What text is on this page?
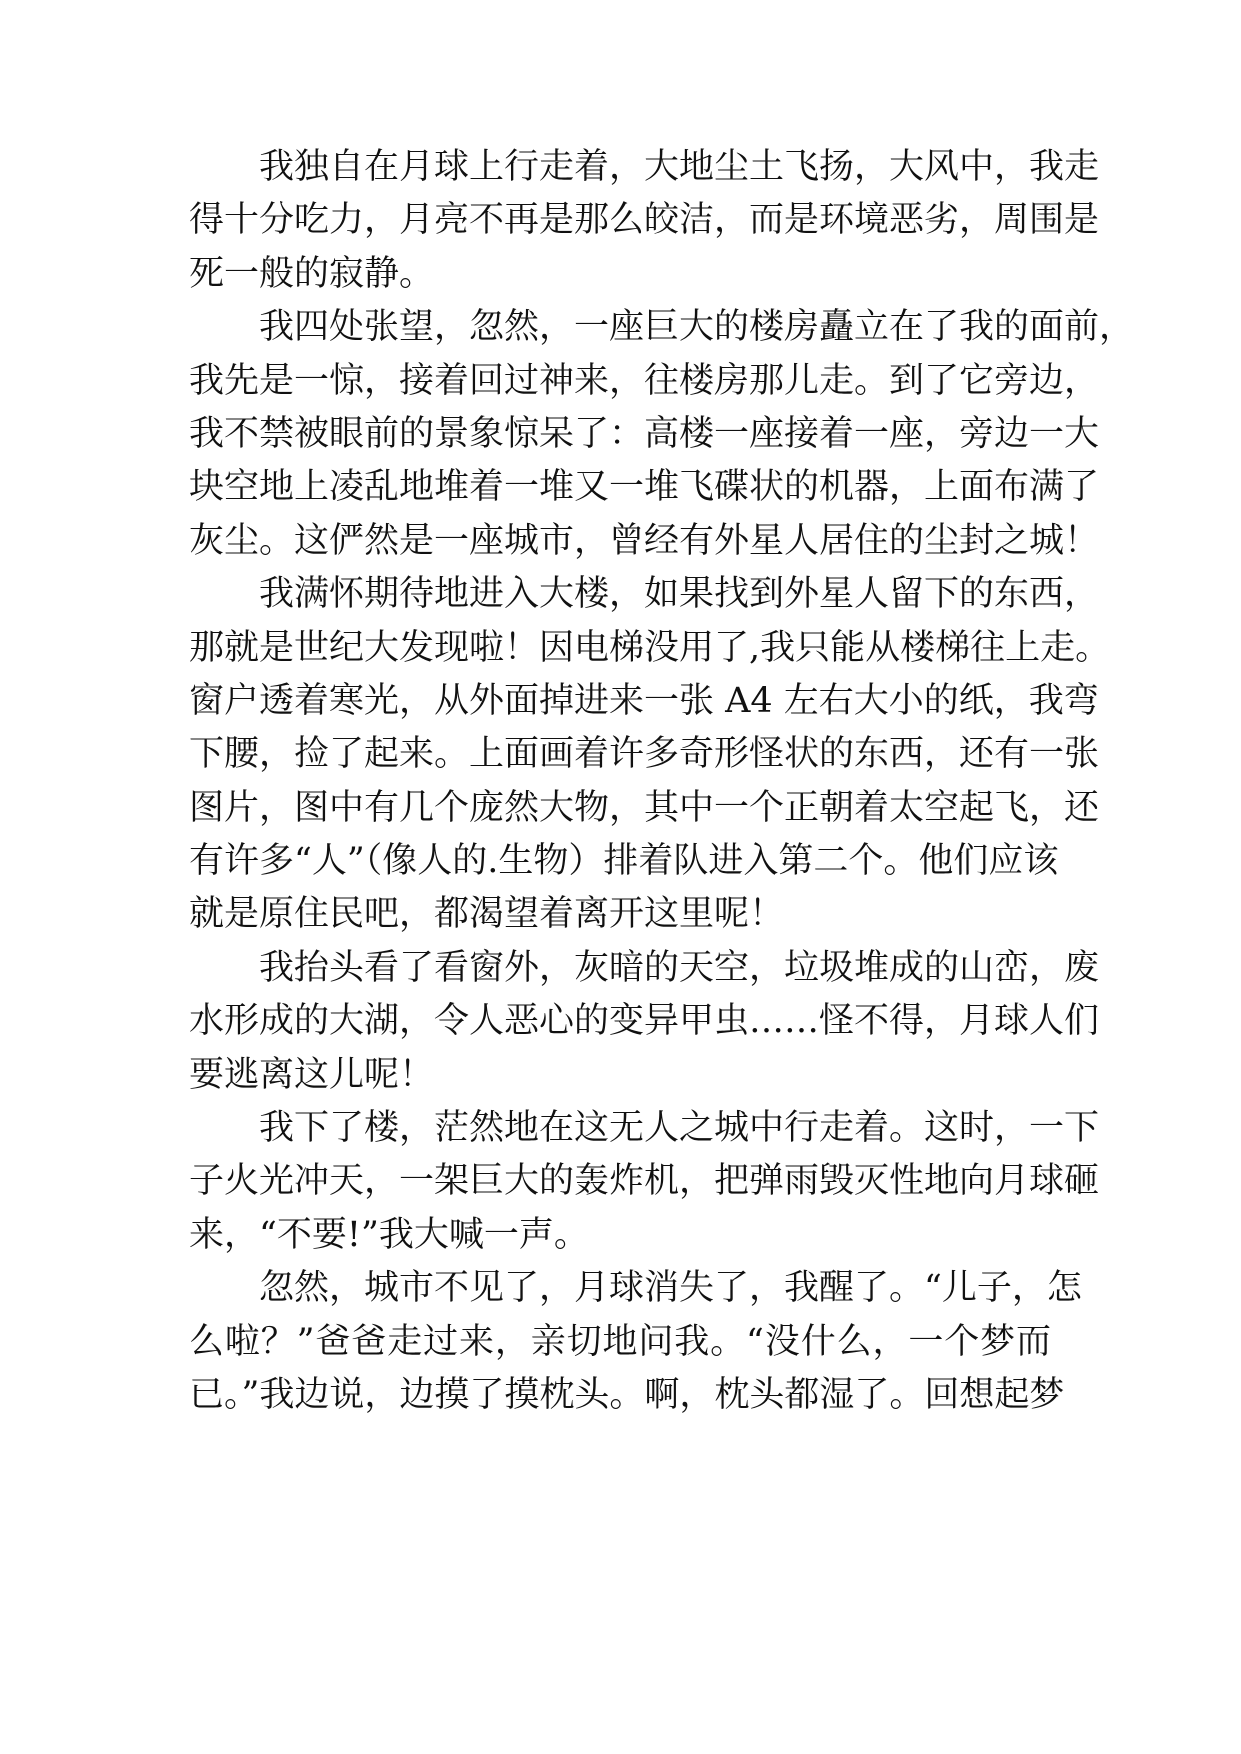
我独自在月球上行走着，大地尘土飞扬，大风中，我走
得十分吃力，月亮不再是那么皎洁，而是环境恶劣，周围是
死一般的寂静。
我四处张望，忽然，一座巨大的楼房矗立在了我的面前，
我先是一惊，接着回过神来，往楼房那儿走。到了它旁边，
我不禁被眼前的景象惊呆了：高楼一座接着一座，旁边一大
块空地上凌乱地堆着一堆又一堆飞碟状的机器，上面布满了
灰尘。这俨然是一座城市，曾经有外星人居住的尘封之城！
我满怀期待地进入大楼，如果找到外星人留下的东西，
那就是世纪大发现啦！因电梯没用了,我只能从楼梯往上走。
窗户透着寒光，从外面掉进来一张 A4 左右大小的纸，我弯
下腰，捡了起来。上面画着许多奇形怪状的东西，还有一张
图片，图中有几个庞然大物，其中一个正朝着太空起飞，还
有许多“人”（像人的.生物）排着队进入第二个。他们应该
就是原住民吧，都渴望着离开这里呢！
我抬头看了看窗外，灰暗的天空，垃圾堆成的山峦，废
水形成的大湖，令人恶心的变异甲虫……怪不得，月球人们
要逃离这儿呢！
我下了楼，茫然地在这无人之城中行走着。这时，一下
子火光冲天，一架巨大的轰炸机，把弹雨毁灭性地向月球砸
来，“不要!”我大喊一声。
忽然，城市不见了，月球消失了，我醒了。“儿子，怎
么啦？”爸爸走过来，亲切地问我。“没什么，一个梦而
已。”我边说，边摸了摸枕头。啊，枕头都湿了。回想起梦
